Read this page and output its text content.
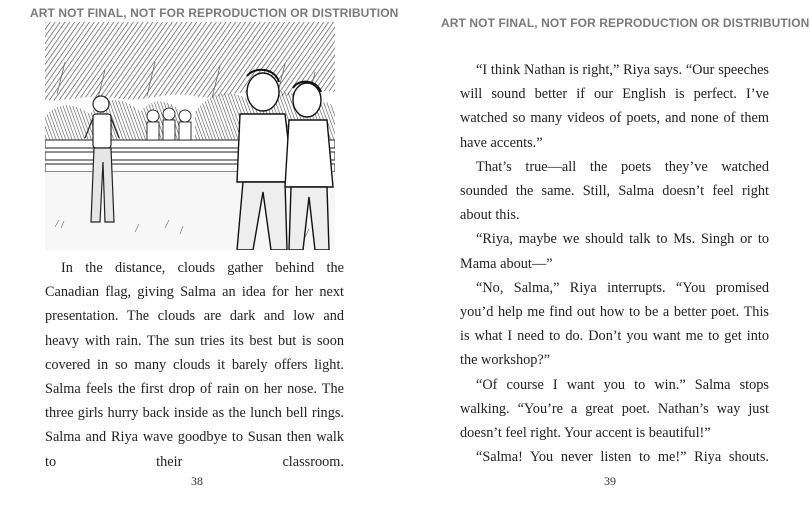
ART NOT FINAL, NOT FOR REPRODUCTION OR DISTRIBUTION

In the distance, clouds gather behind the Canadian flag, giving Salma an idea for her next presentation. The clouds are dark and low and heavy with rain. The sun tries its best but is soon covered in so many clouds it barely offers light. Salma feels the first drop of rain on her nose. The three girls hurry back inside as the lunch bell rings. Salma and Riya wave goodbye to Susan then walk to their classroom.

38
ART NOT FINAL, NOT FOR REPRODUCTION OR DISTRIBUTION

“I think Nathan is right,” Riya says. “Our speeches will sound better if our English is perfect. I’ve watched so many videos of poets, and none of them have accents.”

That’s true—all the poets they’ve watched sounded the same. Still, Salma doesn’t feel right about this.

“Riya, maybe we should talk to Ms. Singh or to Mama about—”

“No, Salma,” Riya interrupts. “You promised you’d help me find out how to be a better poet. This is what I need to do. Don’t you want me to get into the workshop?”

“Of course I want you to win.” Salma stops walking. “You’re a great poet. Nathan’s way just doesn’t feel right. Your accent is beautiful!”

“Salma! You never listen to me!” Riya shouts.

39
